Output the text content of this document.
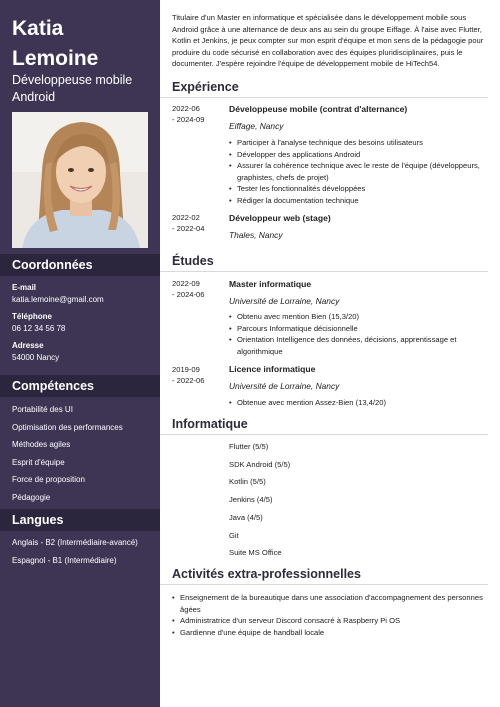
Katia
Lemoine
Développeuse mobile Android
Coordonnées
E-mail
katia.lemoine@gmail.com
Téléphone
06 12 34 56 78
Adresse
54000 Nancy
Compétences
Portabilité des UI
Optimisation des performances
Méthodes agiles
Esprit d'équipe
Force de proposition
Pédagogie
Langues
Anglais - B2 (Intermédiaire-avancé)
Espagnol - B1 (Intermédiaire)
Titulaire d'un Master en informatique et spécialisée dans le développement mobile sous Android grâce à une alternance de deux ans au sein du groupe Eiffage. À l'aise avec Flutter, Kotlin et Jenkins, je peux compter sur mon esprit d'équipe et mon sens de la pédagogie pour produire du code sécurisé en collaboration avec des équipes pluridisciplinaires, puis le documenter. J'espère rejoindre l'équipe de développement mobile de HiTech54.
Expérience
2022-06
- 2024-09
Développeuse mobile (contrat d'alternance)
Eiffage, Nancy
• Participer à l'analyse technique des besoins utilisateurs
• Développer des applications Android
• Assurer la cohérence technique avec le reste de l'équipe (développeurs, graphistes, chefs de projet)
• Tester les fonctionnalités développées
• Rédiger la documentation technique
2022-02
- 2022-04
Développeur web (stage)
Thales, Nancy
Études
2022-09
- 2024-06
Master informatique
Université de Lorraine, Nancy
• Obtenu avec mention Bien (15,3/20)
• Parcours Informatique décisionnelle
• Orientation Intelligence des données, décisions, apprentissage et algorithmique
2019-09
- 2022-06
Licence informatique
Université de Lorraine, Nancy
• Obtenue avec mention Assez-Bien (13,4/20)
Informatique
Flutter (5/5)
SDK Android (5/5)
Kotlin (5/5)
Jenkins (4/5)
Java (4/5)
Git
Suite MS Office
Activités extra-professionnelles
• Enseignement de la bureautique dans une association d'accompagnement des personnes âgées
• Administratrice d'un serveur Discord consacré à Raspberry Pi OS
• Gardienne d'une équipe de handball locale
